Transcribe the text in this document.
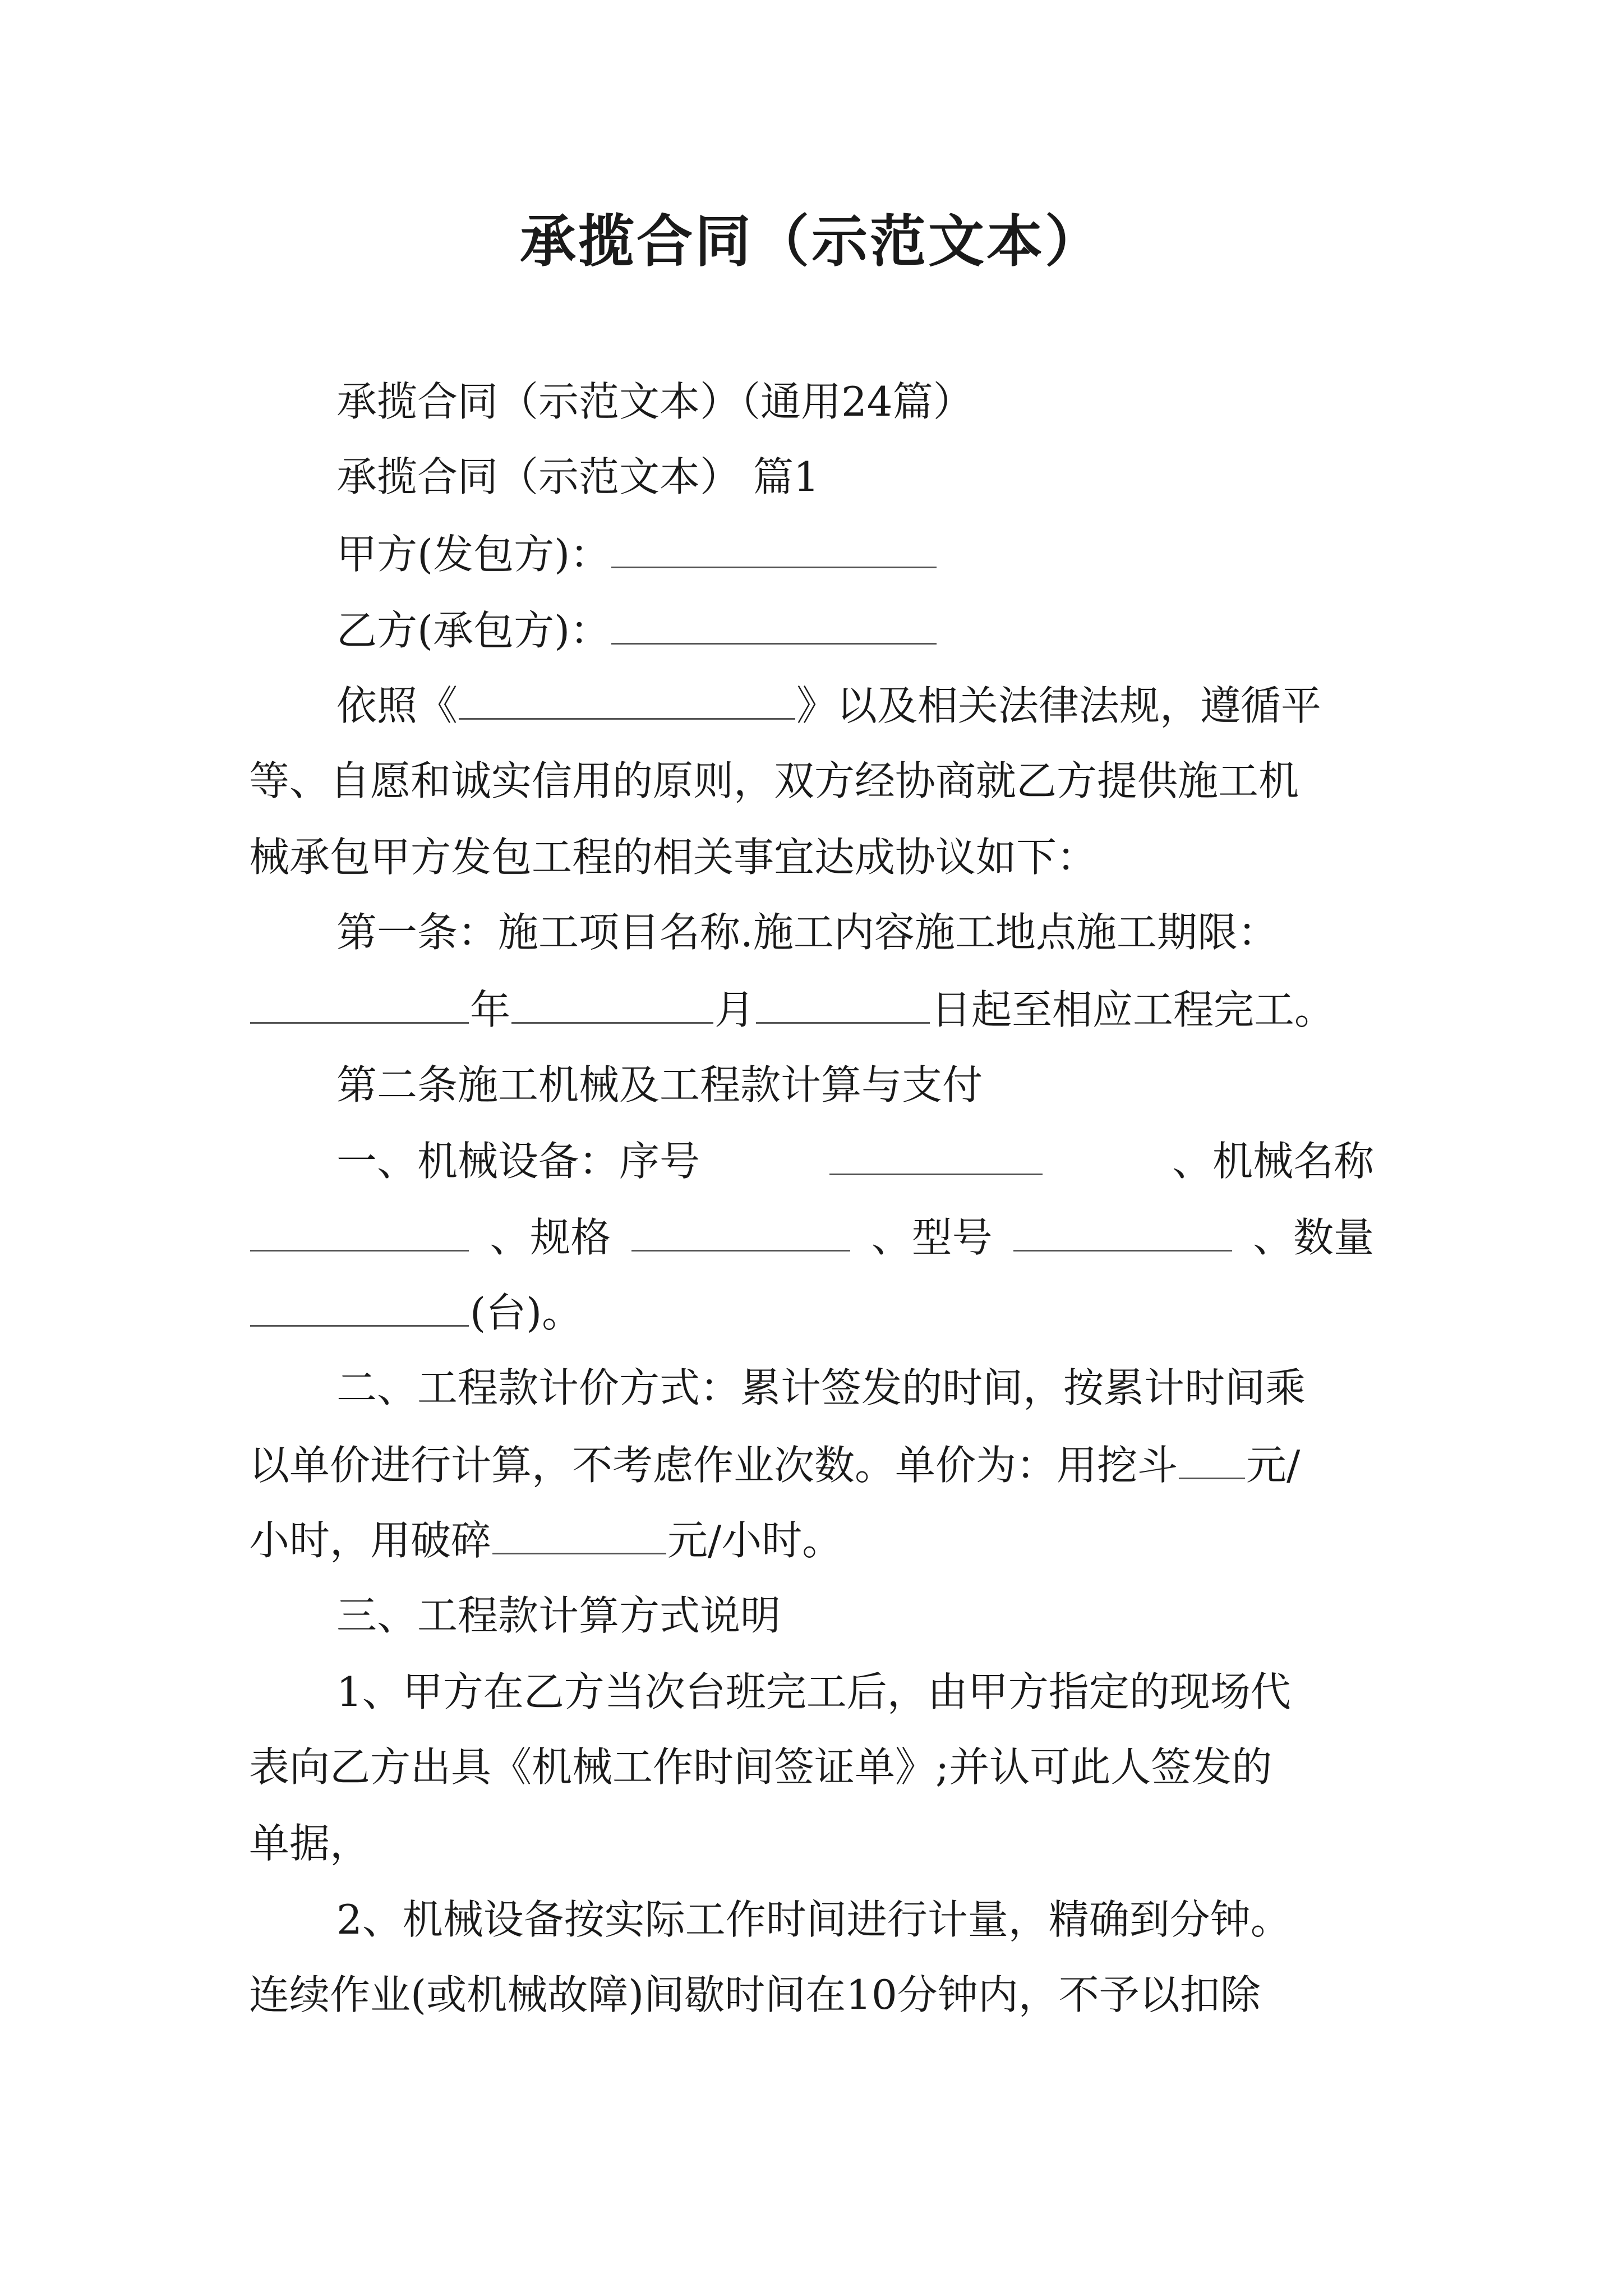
承揽合同（示范文本）
承揽合同（示范文本）（通用24篇）
承揽合同（示范文本） 篇1
甲方(发包方)：
乙方(承包方)：
依照《	》以及相关法律法规，遵循平
等、自愿和诚实信用的原则，双方经协商就乙方提供施工机
械承包甲方发包工程的相关事宜达成协议如下：
第一条：施工项目名称.施工内容施工地点施工期限：
年	月	日起至相应工程完工。
第二条施工机械及工程款计算与支付
一、机械设备：序号	、机械名称
、规格	、型号	、数量
(台)。
二、工程款计价方式：累计签发的时间，按累计时间乘
以单价进行计算，不考虑作业次数。单价为：用挖斗 元/
小时，用破碎	元/小时。
三、工程款计算方式说明
1、甲方在乙方当次台班完工后，由甲方指定的现场代
表向乙方出具《机械工作时间签证单》;并认可此人签发的
单据，
2、机械设备按实际工作时间进行计量，精确到分钟。
连续作业(或机械故障)间歇时间在10分钟内，不予以扣除
